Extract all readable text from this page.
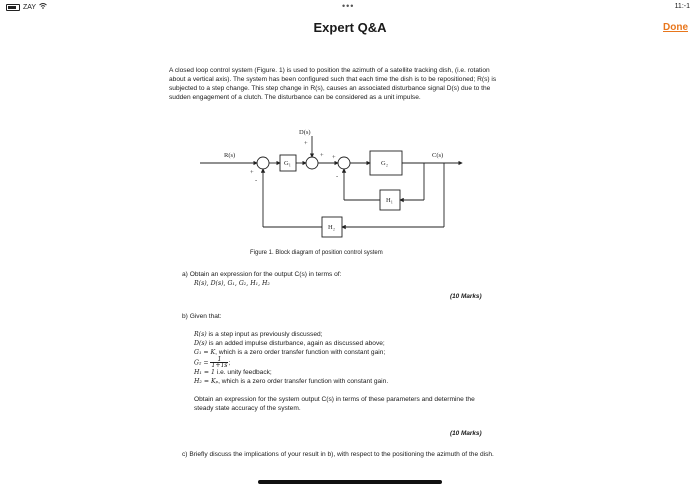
ZAY	•••	11:-1
Expert Q&A	Done

A closed loop control system (Figure. 1) is used to position the azimuth of a satellite tracking dish, (i.e. rotation about a vertical axis). The system has been configured such that each time the dish is to be repositioned; R(s) is subjected to a step change. This step change in R(s), causes an associated disturbance signal D(s) due to the sudden engagement of a clutch. The disturbance can be considered as a unit impulse.

D(s)
+
R(s)	C(s)
G₁	G₂
H₁
H₂
+
-
+ +
-
Figure 1. Block diagram of position control system
a) Obtain an expression for the output C(s) in terms of:
R(s), D(s), G₁, G₂, H₁, H₂
(10 Marks)
b) Given that:
R(s) is a step input as previously discussed;
D(s) is an added impulse disturbance, again as discussed above;
G₁ = K, which is a zero order transfer function with constant gain;
$G_2 = \frac{1}{1+Ts}$ ;
H₁ = 1 i.e. unity feedback;
H₂ = Kₚ, which is a zero order transfer function with constant gain.
Obtain an expression for the system output C(s) in terms of these parameters and determine the steady state accuracy of the system.
(10 Marks)
c) Briefly discuss the implications of your result in b), with respect to the positioning the azimuth of the dish.
